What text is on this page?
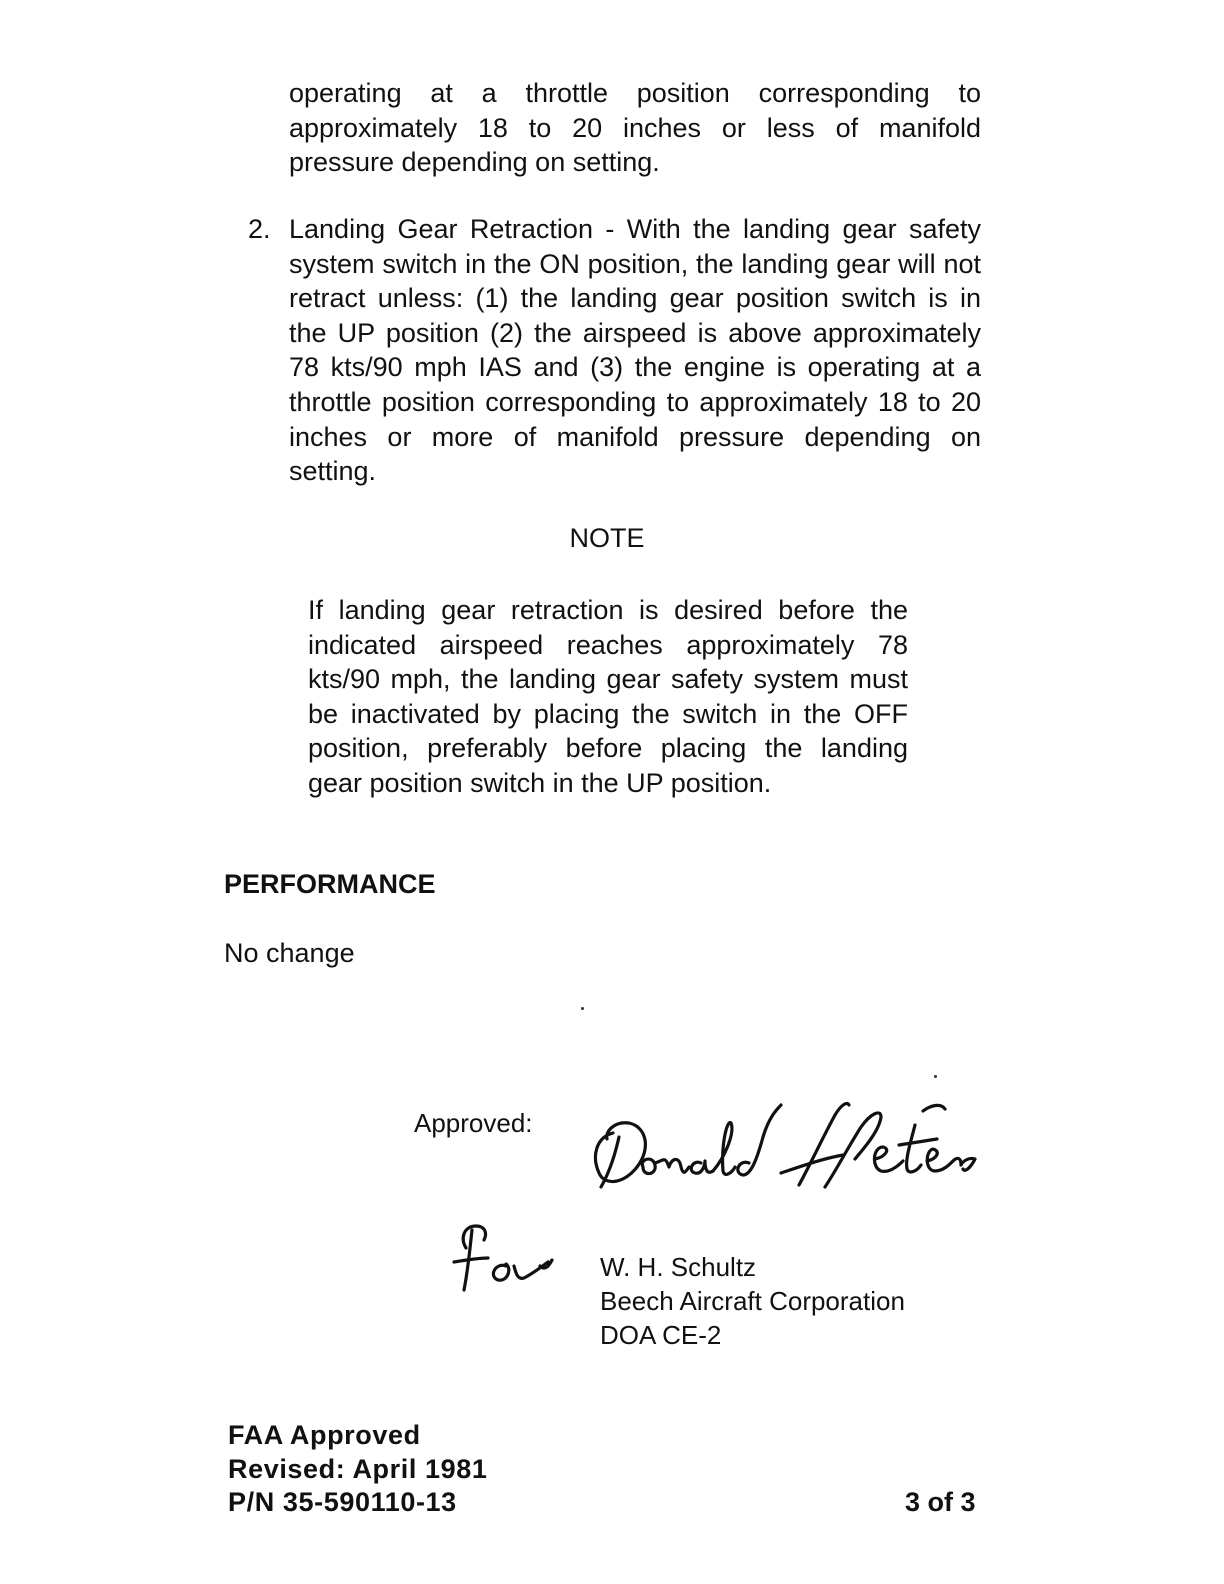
operating at a throttle position corresponding to approximately 18 to 20 inches or less of manifold pressure depending on setting.

2. Landing Gear Retraction - With the landing gear safety system switch in the ON position, the landing gear will not retract unless: (1) the landing gear position switch is in the UP position (2) the airspeed is above approximately 78 kts/90 mph IAS and (3) the engine is operating at a throttle position corresponding to approximately 18 to 20 inches or more of manifold pressure depending on setting.

NOTE

If landing gear retraction is desired before the indicated airspeed reaches approximately 78 kts/90 mph, the landing gear safety system must be inactivated by placing the switch in the OFF position, preferably before placing the landing gear position switch in the UP position.

PERFORMANCE

No change

Approved:
W. H. Schultz
Beech Aircraft Corporation
DOA CE-2
FAA Approved
Revised: April 1981
P/N 35-590110-13	3 of 3
